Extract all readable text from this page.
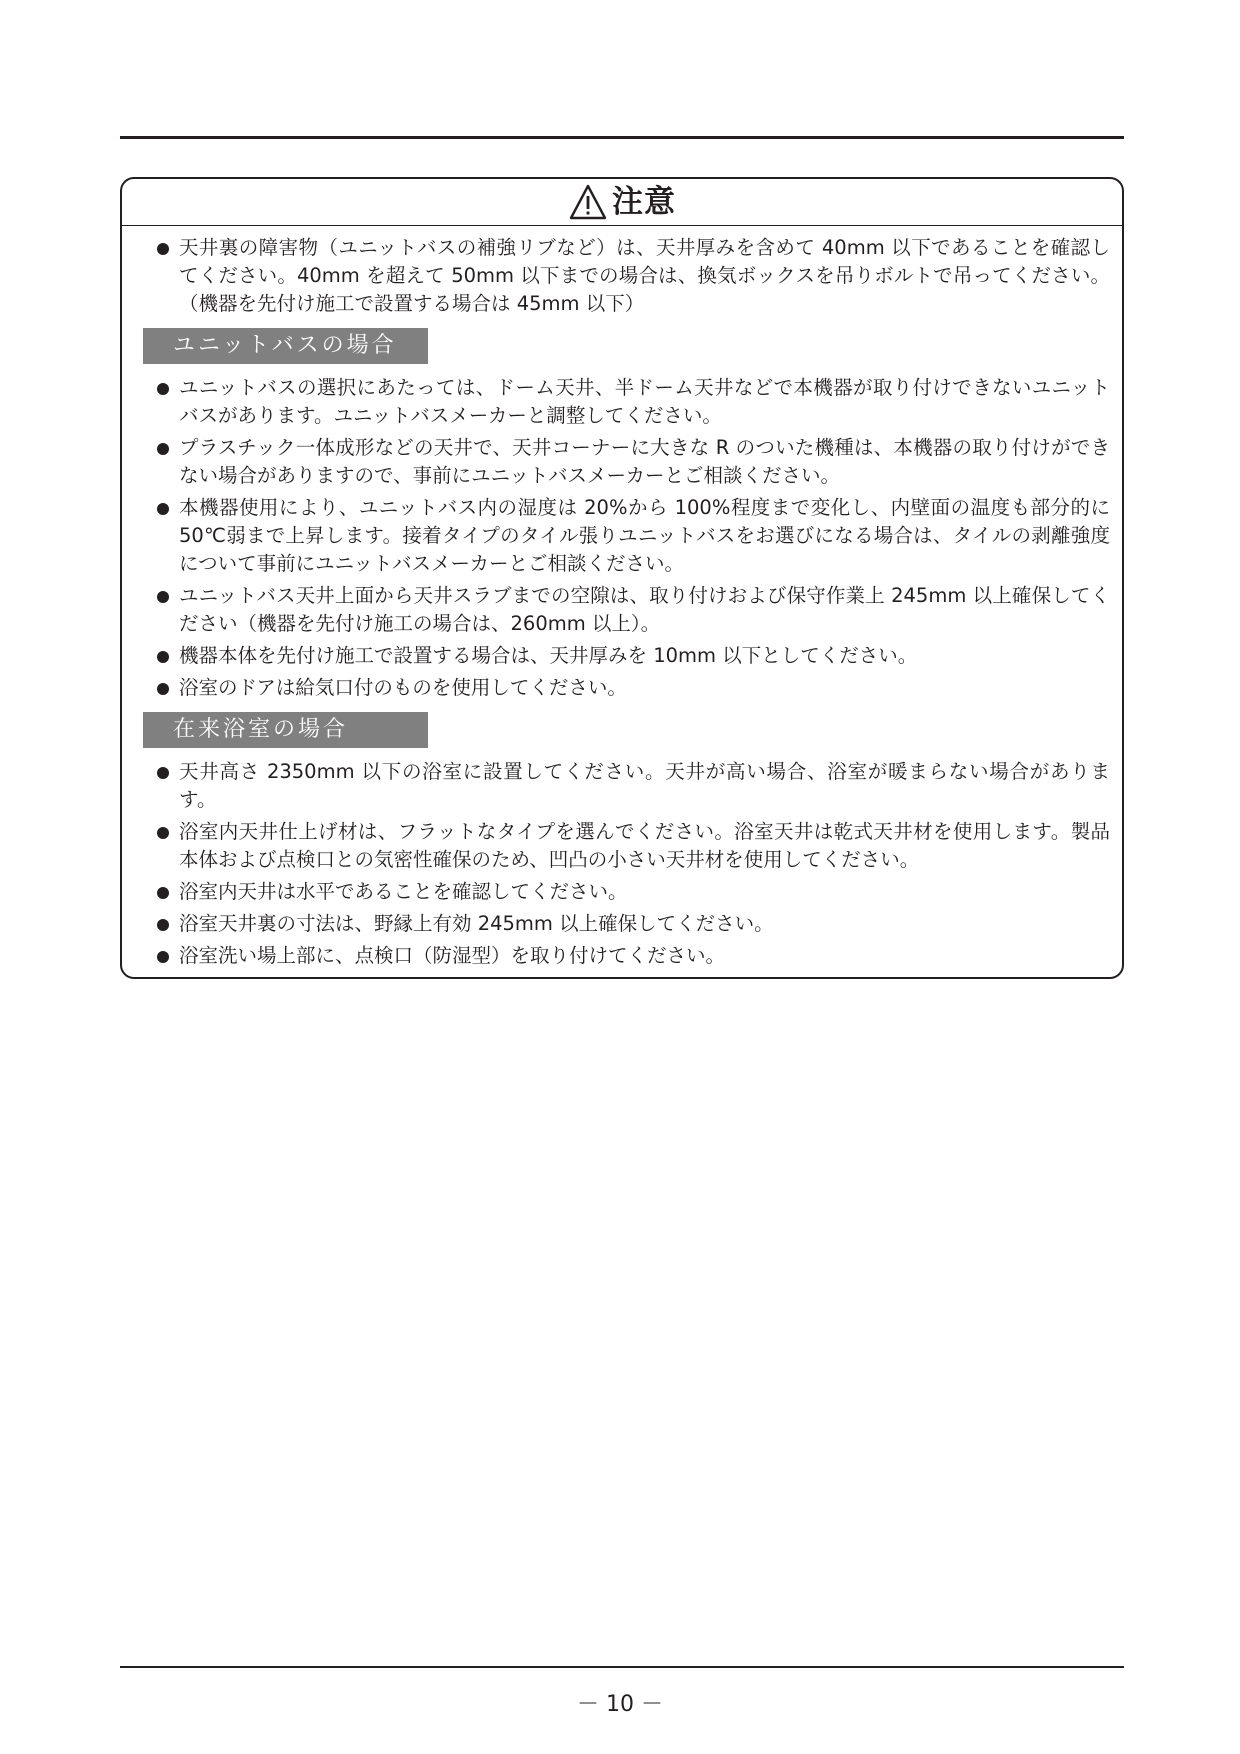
注意
天井裏の障害物（ユニットバスの補強リブなど）は、天井厚みを含めて 40mm 以下であることを確認してください。40mm を超えて 50mm 以下までの場合は、換気ボックスを吊りボルトで吊ってください。（機器を先付け施工で設置する場合は 45mm 以下）
ユニットバスの場合
ユニットバスの選択にあたっては、ドーム天井、半ドーム天井などで本機器が取り付けできないユニットバスがあります。ユニットバスメーカーと調整してください。
プラスチック一体成形などの天井で、天井コーナーに大きな R のついた機種は、本機器の取り付けができない場合がありますので、事前にユニットバスメーカーとご相談ください。
本機器使用により、ユニットバス内の湿度は 20%から 100%程度まで変化し、内壁面の温度も部分的に 50℃弱まで上昇します。接着タイプのタイル張りユニットバスをお選びになる場合は、タイルの剥離強度について事前にユニットバスメーカーとご相談ください。
ユニットバス天井上面から天井スラブまでの空隙は、取り付けおよび保守作業上 245mm 以上確保してください（機器を先付け施工の場合は、260mm 以上）。
機器本体を先付け施工で設置する場合は、天井厚みを 10mm 以下としてください。
浴室のドアは給気口付のものを使用してください。
在来浴室の場合
天井高さ 2350mm 以下の浴室に設置してください。天井が高い場合、浴室が暖まらない場合があります。
浴室内天井仕上げ材は、フラットなタイプを選んでください。浴室天井は乾式天井材を使用します。製品本体および点検口との気密性確保のため、凹凸の小さい天井材を使用してください。
浴室内天井は水平であることを確認してください。
浴室天井裏の寸法は、野縁上有効 245mm 以上確保してください。
浴室洗い場上部に、点検口（防湿型）を取り付けてください。
－ 10 －
